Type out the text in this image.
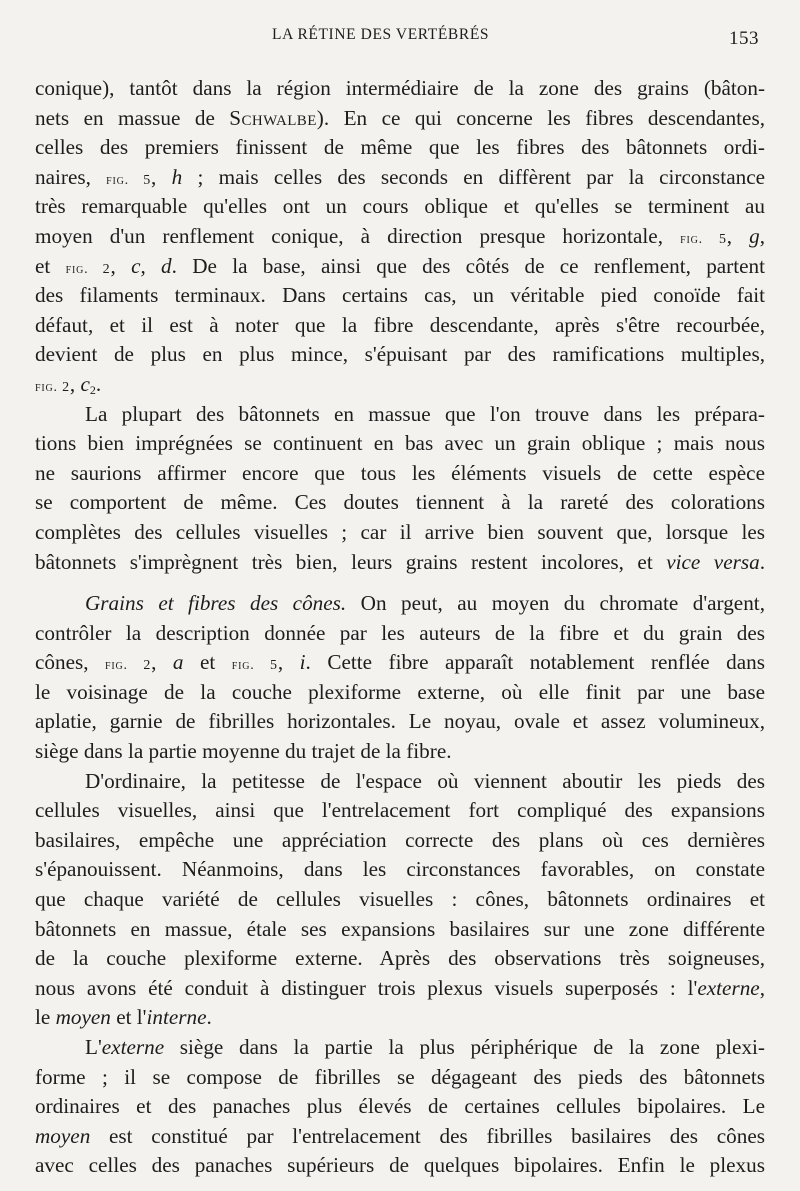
LA RÉTINE DES VERTÉBRÉS	153
conique), tantôt dans la région intermédiaire de la zone des grains (bâton-
nets en massue de Schwalbe). En ce qui concerne les fibres descendantes,
celles des premiers finissent de même que les fibres des bâtonnets ordi-
naires, fig. 5, h ; mais celles des seconds en diffèrent par la circonstance
très remarquable qu'elles ont un cours oblique et qu'elles se terminent au
moyen d'un renflement conique, à direction presque horizontale, fig. 5, g,
et fig. 2, c, d. De la base, ainsi que des côtés de ce renflement, partent
des filaments terminaux. Dans certains cas, un véritable pied conoïde fait
défaut, et il est à noter que la fibre descendante, après s'être recourbée,
devient de plus en plus mince, s'épuisant par des ramifications multiples,
fig. 2, $c_2$.
La plupart des bâtonnets en massue que l'on trouve dans les prépara-
tions bien imprégnées se continuent en bas avec un grain oblique ; mais nous
ne saurions affirmer encore que tous les éléments visuels de cette espèce
se comportent de même. Ces doutes tiennent à la rareté des colorations
complètes des cellules visuelles ; car il arrive bien souvent que, lorsque les
bâtonnets s'imprègnent très bien, leurs grains restent incolores, et vice versa.
Grains et fibres des cônes. On peut, au moyen du chromate d'argent,
contrôler la description donnée par les auteurs de la fibre et du grain des
cônes, fig. 2, a et fig. 5, i. Cette fibre apparaît notablement renflée dans
le voisinage de la couche plexiforme externe, où elle finit par une base
aplatie, garnie de fibrilles horizontales. Le noyau, ovale et assez volumineux,
siège dans la partie moyenne du trajet de la fibre.
D'ordinaire, la petitesse de l'espace où viennent aboutir les pieds des
cellules visuelles, ainsi que l'entrelacement fort compliqué des expansions
basilaires, empêche une appréciation correcte des plans où ces dernières
s'épanouissent. Néanmoins, dans les circonstances favorables, on constate
que chaque variété de cellules visuelles : cônes, bâtonnets ordinaires et
bâtonnets en massue, étale ses expansions basilaires sur une zone différente
de la couche plexiforme externe. Après des observations très soigneuses,
nous avons été conduit à distinguer trois plexus visuels superposés : l'externe,
le moyen et l'interne.
L'externe siège dans la partie la plus périphérique de la zone plexi-
forme ; il se compose de fibrilles se dégageant des pieds des bâtonnets
ordinaires et des panaches plus élevés de certaines cellules bipolaires. Le
moyen est constitué par l'entrelacement des fibrilles basilaires des cônes
avec celles des panaches supérieurs de quelques bipolaires. Enfin le plexus
